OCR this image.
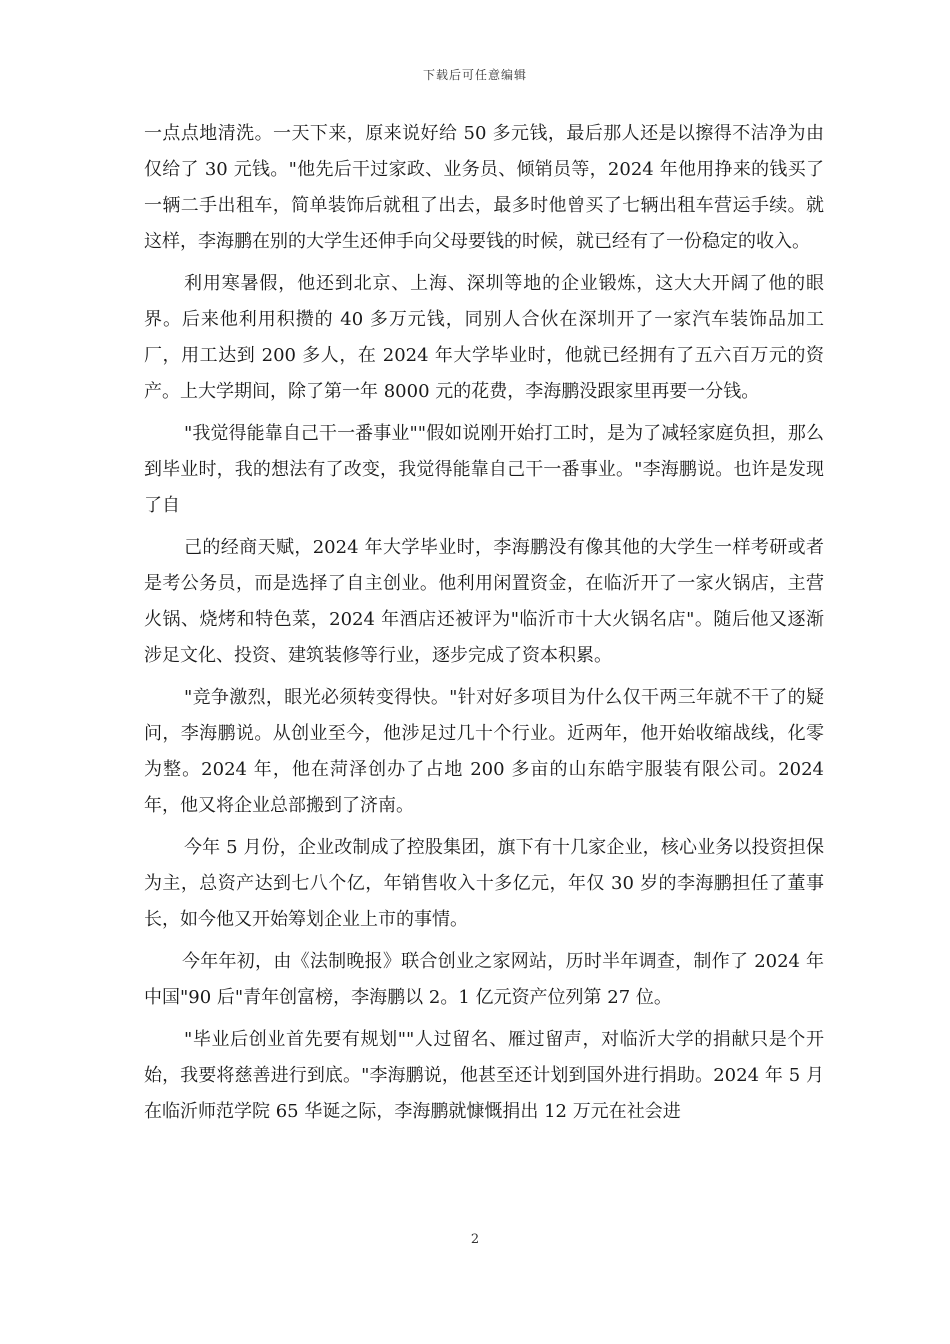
下载后可任意编辑

一点点地清洗。一天下来，原来说好给 50 多元钱，最后那人还是以擦得不洁净为由仅给了 30 元钱。"他先后干过家政、业务员、倾销员等，2024 年他用挣来的钱买了一辆二手出租车，简单装饰后就租了出去，最多时他曾买了七辆出租车营运手续。就这样，李海鹏在别的大学生还伸手向父母要钱的时候，就已经有了一份稳定的收入。

利用寒暑假，他还到北京、上海、深圳等地的企业锻炼，这大大开阔了他的眼界。后来他利用积攒的 40 多万元钱，同别人合伙在深圳开了一家汽车装饰品加工厂，用工达到 200 多人，在 2024 年大学毕业时，他就已经拥有了五六百万元的资产。上大学期间，除了第一年 8000 元的花费，李海鹏没跟家里再要一分钱。

"我觉得能靠自己干一番事业""假如说刚开始打工时，是为了减轻家庭负担，那么到毕业时，我的想法有了改变，我觉得能靠自己干一番事业。"李海鹏说。也许是发现了自

己的经商天赋，2024 年大学毕业时，李海鹏没有像其他的大学生一样考研或者是考公务员，而是选择了自主创业。他利用闲置资金，在临沂开了一家火锅店，主营火锅、烧烤和特色菜，2024 年酒店还被评为"临沂市十大火锅名店"。随后他又逐渐涉足文化、投资、建筑装修等行业，逐步完成了资本积累。

"竞争激烈，眼光必须转变得快。"针对好多项目为什么仅干两三年就不干了的疑问，李海鹏说。从创业至今，他涉足过几十个行业。近两年，他开始收缩战线，化零为整。2024 年，他在菏泽创办了占地 200 多亩的山东皓宇服装有限公司。2024 年，他又将企业总部搬到了济南。

今年 5 月份，企业改制成了控股集团，旗下有十几家企业，核心业务以投资担保为主，总资产达到七八个亿，年销售收入十多亿元，年仅 30 岁的李海鹏担任了董事长，如今他又开始筹划企业上市的事情。

今年年初，由《法制晚报》联合创业之家网站，历时半年调查，制作了 2024 年中国"90 后"青年创富榜，李海鹏以 2。1 亿元资产位列第 27 位。

"毕业后创业首先要有规划""人过留名、雁过留声，对临沂大学的捐献只是个开始，我要将慈善进行到底。"李海鹏说，他甚至还计划到国外进行捐助。2024 年 5 月在临沂师范学院 65 华诞之际，李海鹏就慷慨捐出 12 万元在社会进

2
